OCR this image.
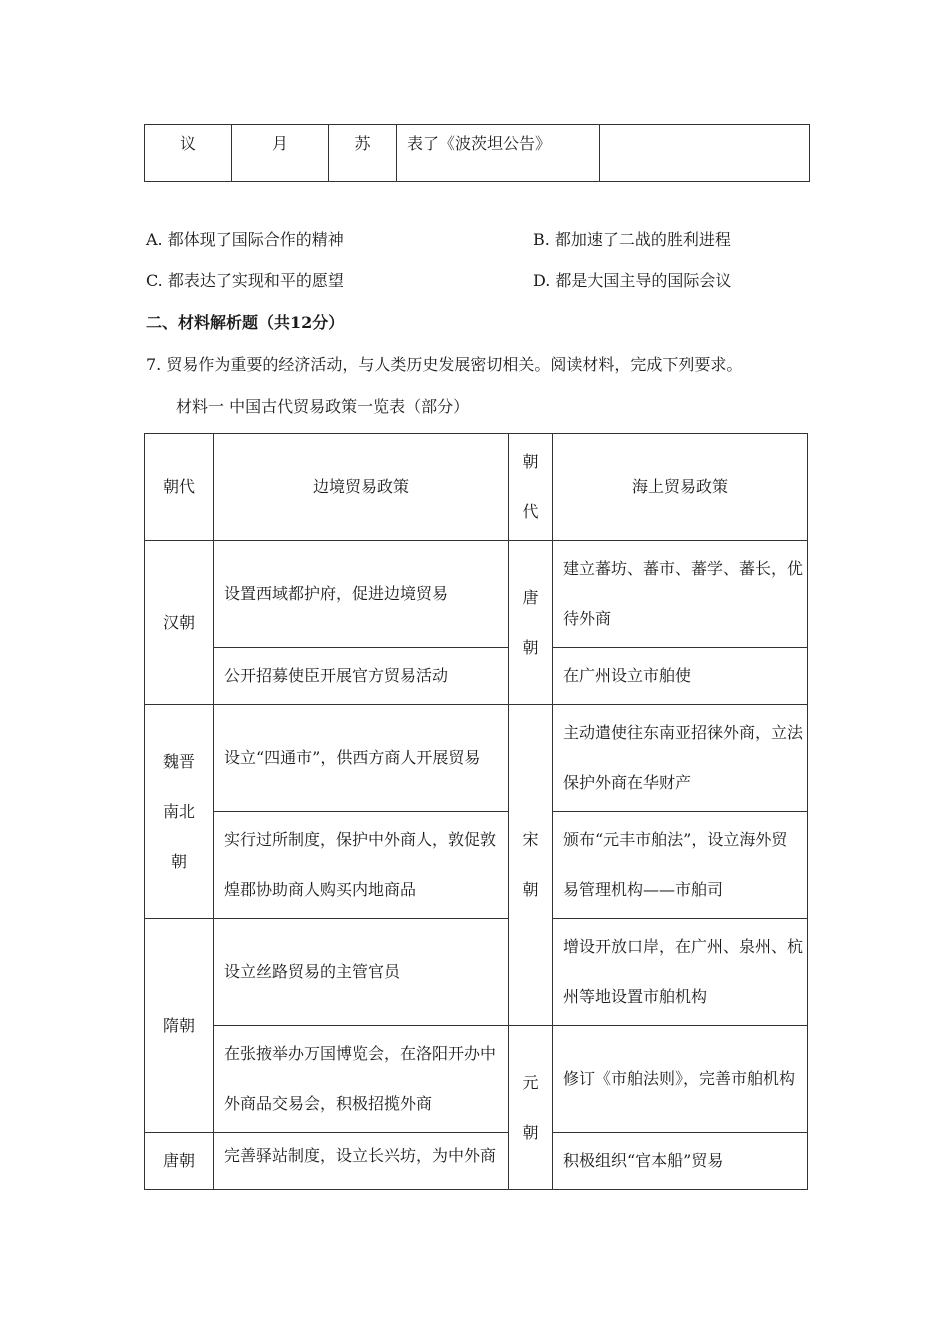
议	月	苏	表了《波茨坦公告》	
A. 都体现了国际合作的精神	B. 都加速了二战的胜利进程
C. 都表达了实现和平的愿望	D. 都是大国主导的国际会议
二、材料解析题（共12分）
7. 贸易作为重要的经济活动，与人类历史发展密切相关。阅读材料，完成下列要求。
材料一 中国古代贸易政策一览表（部分）
朝代	边境贸易政策	朝代	海上贸易政策
汉朝	设置西域都护府，促进边境贸易	唐朝	建立蕃坊、蕃市、蕃学、蕃长，优待外商
	公开招募使臣开展官方贸易活动		在广州设立市舶使
魏晋南北朝	设立“四通市”，供西方商人开展贸易	宋朝	主动遣使往东南亚招徕外商，立法保护外商在华财产
	实行过所制度，保护中外商人，敦促敦煌郡协助商人购买内地商品		颁布“元丰市舶法”，设立海外贸易管理机构——市舶司
隋朝	设立丝路贸易的主管官员		增设开放口岸，在广州、泉州、杭州等地设置市舶机构
	在张掖举办万国博览会，在洛阳开办中外商品交易会，积极招揽外商	元朝	修订《市舶法则》，完善市舶机构
唐朝	完善驿站制度，设立长兴坊，为中外商		积极组织“官本船”贸易
